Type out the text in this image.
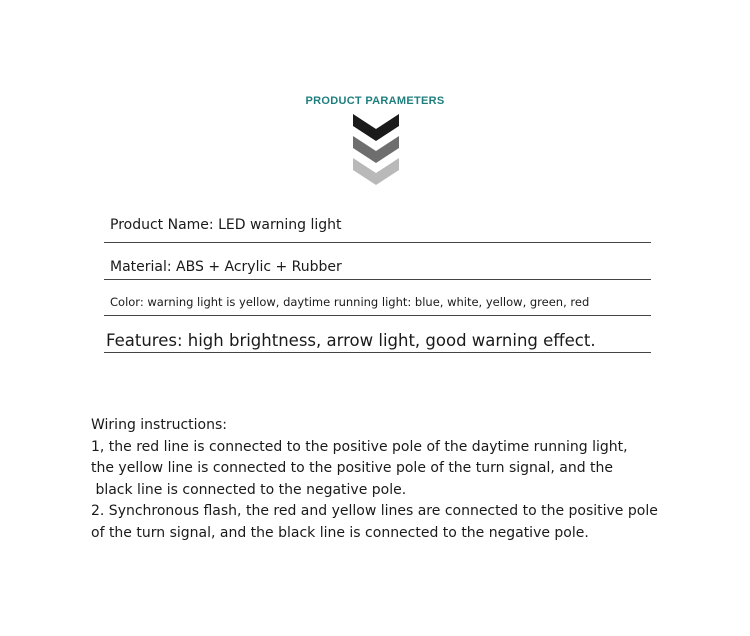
PRODUCT PARAMETERS
Product Name: LED warning light
Material: ABS + Acrylic + Rubber
Color: warning light is yellow, daytime running light: blue, white, yellow, green, red
Features: high brightness, arrow light, good warning effect.
Wiring instructions:
1, the red line is connected to the positive pole of the daytime running light,
the yellow line is connected to the positive pole of the turn signal, and the
black line is connected to the negative pole.
2. Synchronous flash, the red and yellow lines are connected to the positive pole
of the turn signal, and the black line is connected to the negative pole.
